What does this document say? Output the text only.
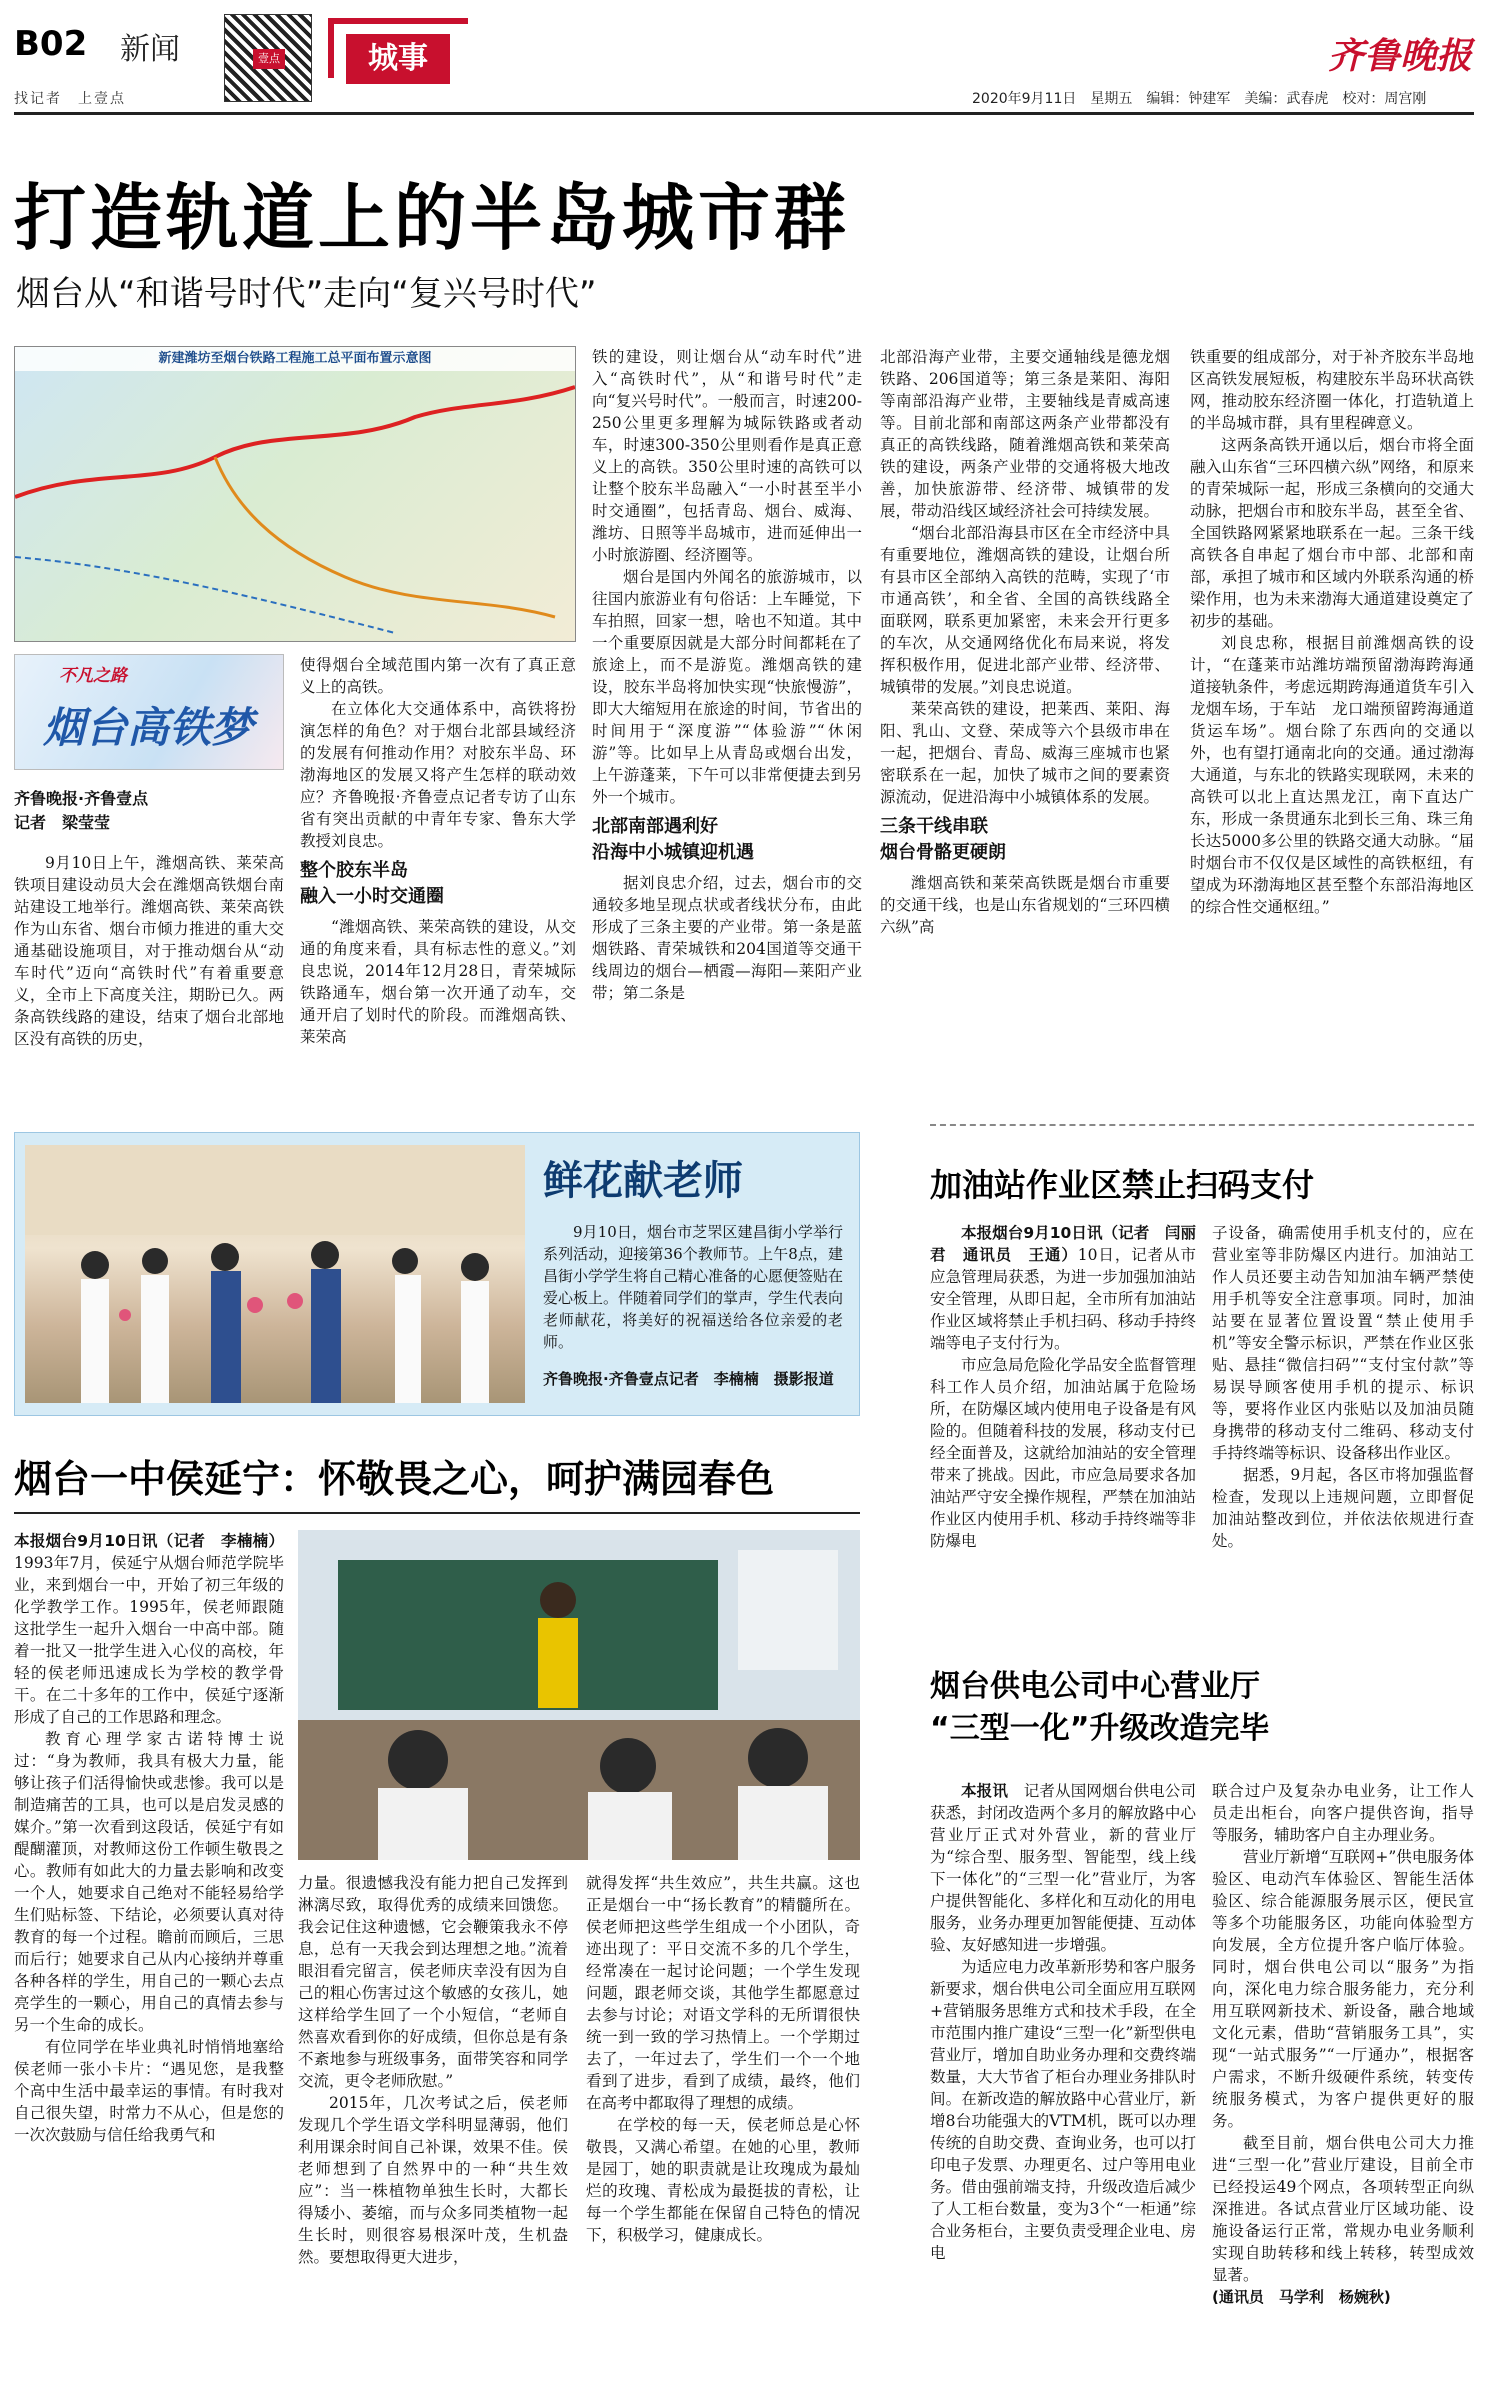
B02 新闻
找记者　上壹点
壹点	城事	齐鲁晚报
2020年9月11日　星期五　编辑：钟建军　美编：武春虎　校对：周宫刚
打造轨道上的半岛城市群
烟台从“和谐号时代”走向“复兴号时代”
新建潍坊至烟台铁路工程施工总平面布置示意图
不凡之路
烟台高铁梦
齐鲁晚报·齐鲁壹点
记者　梁莹莹
9月10日上午，潍烟高铁、莱荣高铁项目建设动员大会在潍烟高铁烟台南站建设工地举行。潍烟高铁、莱荣高铁作为山东省、烟台市倾力推进的重大交通基础设施项目，对于推动烟台从“动车时代”迈向“高铁时代”有着重要意义，全市上下高度关注，期盼已久。两条高铁线路的建设，结束了烟台北部地区没有高铁的历史，
使得烟台全域范围内第一次有了真正意义上的高铁。
在立体化大交通体系中，高铁将扮演怎样的角色？对于烟台北部县域经济的发展有何推动作用？对胶东半岛、环渤海地区的发展又将产生怎样的联动效应？齐鲁晚报·齐鲁壹点记者专访了山东省有突出贡献的中青年专家、鲁东大学教授刘良忠。
整个胶东半岛
融入一小时交通圈
“潍烟高铁、莱荣高铁的建设，从交通的角度来看，具有标志性的意义。”刘良忠说，2014年12月28日，青荣城际铁路通车，烟台第一次开通了动车，交通开启了划时代的阶段。而潍烟高铁、莱荣高
铁的建设，则让烟台从“动车时代”进入“高铁时代”，从“和谐号时代”走向“复兴号时代”。一般而言，时速200-250公里更多理解为城际铁路或者动车，时速300-350公里则看作是真正意义上的高铁。350公里时速的高铁可以让整个胶东半岛融入“一小时甚至半小时交通圈”，包括青岛、烟台、威海、潍坊、日照等半岛城市，进而延伸出一小时旅游圈、经济圈等。
烟台是国内外闻名的旅游城市，以往国内旅游业有句俗话：上车睡觉，下车拍照，回家一想，啥也不知道。其中一个重要原因就是大部分时间都耗在了旅途上，而不是游览。潍烟高铁的建设，胶东半岛将加快实现“快旅慢游”，即大大缩短用在旅途的时间，节省出的时间用于“深度游”“体验游”“休闲游”等。比如早上从青岛或烟台出发，上午游蓬莱，下午可以非常便捷去到另外一个城市。
北部南部遇利好
沿海中小城镇迎机遇
据刘良忠介绍，过去，烟台市的交通较多地呈现点状或者线状分布，由此形成了三条主要的产业带。第一条是蓝烟铁路、青荣城铁和204国道等交通干线周边的烟台—栖霞—海阳—莱阳产业带；第二条是
北部沿海产业带，主要交通轴线是德龙烟铁路、206国道等；第三条是莱阳、海阳等南部沿海产业带，主要轴线是青威高速等。目前北部和南部这两条产业带都没有真正的高铁线路，随着潍烟高铁和莱荣高铁的建设，两条产业带的交通将极大地改善，加快旅游带、经济带、城镇带的发展，带动沿线区域经济社会可持续发展。
“烟台北部沿海县市区在全市经济中具有重要地位，潍烟高铁的建设，让烟台所有县市区全部纳入高铁的范畴，实现了‘市市通高铁’，和全省、全国的高铁线路全　面联网，联系更加紧密，未来会开行更多的车次，从交通网络优化布局来说，将发挥积极作用，促进北部产业带、经济带、城镇带的发展。”刘良忠说道。
莱荣高铁的建设，把莱西、莱阳、海阳、乳山、文登、荣成等六个县级市串在一起，把烟台、青岛、威海三座城市也紧密联系在一起，加快了城市之间的要素资源流动，促进沿海中小城镇体系的发展。
三条干线串联
烟台骨骼更硬朗
潍烟高铁和莱荣高铁既是烟台市重要的交通干线，也是山东省规划的“三环四横六纵”高
铁重要的组成部分，对于补齐胶东半岛地区高铁发展短板，构建胶东半岛环状高铁网，推动胶东经济圈一体化，打造轨道上的半岛城市群，具有里程碑意义。
这两条高铁开通以后，烟台市将全面融入山东省“三环四横六纵”网络，和原来的青荣城际一起，形成三条横向的交通大动脉，把烟台市和胶东半岛，甚至全省、全国铁路网紧紧地联系在一起。三条干线高铁各自串起了烟台市中部、北部和南部，承担了城市和区域内外联系沟通的桥梁作用，也为未来渤海大通道建设奠定了初步的基础。
刘良忠称，根据目前潍烟高铁的设计，“在蓬莱市站潍坊端预留渤海跨海通道接轨条件，考虑远期跨海通道货车引入龙烟车场，于车站　龙口端预留跨海通道货运车场”。烟台除了东西向的交通以外，也有望打通南北向的交通。通过渤海大通道，与东北的铁路实现联网，未来的高铁可以北上直达黑龙江，南下直达广东，形成一条贯通东北到长三角、珠三角长达5000多公里的铁路交通大动脉。“届时烟台市不仅仅是区域性的高铁枢纽，有望成为环渤海地区甚至整个东部沿海地区的综合性交通枢纽。”
鲜花献老师
9月10日，烟台市芝罘区建昌街小学举行系列活动，迎接第36个教师节。上午8点，建昌街小学学生将自己精心准备的心愿便签贴在爱心板上。伴随着同学们的掌声，学生代表向老师献花，将美好的祝福送给各位亲爱的老师。
齐鲁晚报·齐鲁壹点记者　李楠楠　摄影报道
烟台一中侯延宁：怀敬畏之心，呵护满园春色
本报烟台9月10日讯（记者　李楠楠）1993年7月，侯延宁从烟台师范学院毕业，来到烟台一中，开始了初三年级的化学教学工作。1995年，侯老师跟随这批学生一起升入烟台一中高中部。随着一批又一批学生进入心仪的高校，年轻的侯老师迅速成长为学校的教学骨干。在二十多年的工作中，侯延宁逐渐形成了自己的工作思路和理念。
教育心理学家古诺特博士说过：“身为教师，我具有极大力量，能够让孩子们活得愉快或悲惨。我可以是制造痛苦的工具，也可以是启发灵感的媒介。”第一次看到这段话，侯延宁有如醍醐灌顶，对教师这份工作顿生敬畏之心。教师有如此大的力量去影响和改变一个人，她要求自己绝对不能轻易给学生们贴标签、下结论，必须要认真对待教育的每一个过程。瞻前而顾后，三思而后行；她要求自己从内心接纳并尊重各种各样的学生，用自己的一颗心去点亮学生的一颗心，用自己的真情去参与另一个生命的成长。
有位同学在毕业典礼时悄悄地塞给侯老师一张小卡片：“遇见您，是我整个高中生活中最幸运的事情。有时我对自己很失望，时常力不从心，但是您的一次次鼓励与信任给我勇气和
力量。很遗憾我没有能力把自己发挥到淋漓尽致，取得优秀的成绩来回馈您。我会记住这种遗憾，它会鞭策我永不停息，总有一天我会到达理想之地。”流着眼泪看完留言，侯老师庆幸没有因为自己的粗心伤害过这个敏感的女孩儿，她这样给学生回了一个小短信，“老师自然喜欢看到你的好成绩，但你总是有条不紊地参与班级事务，面带笑容和同学交流，更令老师欣慰。”
2015年，几次考试之后，侯老师发现几个学生语文学科明显薄弱，他们利用课余时间自己补课，效果不佳。侯老师想到了自然界中的一种“共生效应”：当一株植物单独生长时，大都长得矮小、萎缩，而与众多同类植物一起生长时，则很容易根深叶茂，生机盎然。要想取得更大进步，
就得发挥“共生效应”，共生共赢。这也正是烟台一中“扬长教育”的精髓所在。侯老师把这些学生组成一个小团队，奇迹出现了：平日交流不多的几个学生，经常凑在一起讨论问题；一个学生发现问题，跟老师交谈，其他学生都愿意过去参与讨论；对语文学科的无所谓很快统一到一致的学习热情上。一个学期过去了，一年过去了，学生们一个一个地看到了进步，看到了成绩，最终，他们在高考中都取得了理想的成绩。
在学校的每一天，侯老师总是心怀敬畏，又满心希望。在她的心里，教师是园丁，她的职责就是让玫瑰成为最灿烂的玫瑰、青松成为最挺拔的青松，让每一个学生都能在保留自己特色的情况下，积极学习，健康成长。
加油站作业区禁止扫码支付
本报烟台9月10日讯（记者　闫丽君　通讯员　王通）10日，记者从市应急管理局获悉，为进一步加强加油站安全管理，从即日起，全市所有加油站作业区域将禁止手机扫码、移动手持终端等电子支付行为。
市应急局危险化学品安全监督管理科工作人员介绍，加油站属于危险场所，在防爆区域内使用电子设备是有风险的。但随着科技的发展，移动支付已经全面普及，这就给加油站的安全管理带来了挑战。因此，市应急局要求各加油站严守安全操作规程，严禁在加油站作业区内使用手机、移动手持终端等非防爆电
子设备，确需使用手机支付的，应在营业室等非防爆区内进行。加油站工作人员还要主动告知加油车辆严禁使用手机等安全注意事项。同时，加油站要在显著位置设置“禁止使用手机”等安全警示标识，严禁在作业区张贴、悬挂“微信扫码”“支付宝付款”等易误导顾客使用手机的提示、标识等，要将作业区内张贴以及加油员随身携带的移动支付二维码、移动支付手持终端等标识、设备移出作业区。
据悉，9月起，各区市将加强监督检查，发现以上违规问题，立即督促加油站整改到位，并依法依规进行查处。
烟台供电公司中心营业厅
“三型一化”升级改造完毕
本报讯　 记者从国网烟台供电公司获悉，封闭改造两个多月的解放路中心营业厅正式对外营业，新的营业厅为“综合型、服务型、智能型，线上线下一体化”的“三型一化”营业厅，为客户提供智能化、多样化和互动化的用电服务，业务办理更加智能便捷、互动体验、友好感知进一步增强。
为适应电力改革新形势和客户服务新要求，烟台供电公司全面应用互联网+营销服务思维方式和技术手段，在全市范围内推广建设“三型一化”新型供电营业厅，增加自助业务办理和交费终端数量，大大节省了柜台办理业务排队时间。在新改造的解放路中心营业厅，新增8台功能强大的VTM机，既可以办理传统的自助交费、查询业务，也可以打印电子发票、办理更名、过户等用电业务。借由强前端支持，升级改造后减少了人工柜台数量，变为3个“一柜通”综合业务柜台，主要负责受理企业电、房电
联合过户及复杂办电业务，让工作人员走出柜台，向客户提供咨询，指导等服务，辅助客户自主办理业务。
营业厅新增“互联网+”供电服务体验区、电动汽车体验区、智能生活体验区、综合能源服务展示区，便民宣等多个功能服务区，功能向体验型方向发展，全方位提升客户临厅体验。同时，烟台供电公司以“服务”为指向，深化电力综合服务能力，充分利用互联网新技术、新设备，融合地域文化元素，借助“营销服务工具”，实现“一站式服务”“一厅通办”，根据客户需求，不断升级硬件系统，转变传统服务模式，为客户提供更好的服务。
截至目前，烟台供电公司大力推进“三型一化”营业厅建设，目前全市已经投运49个网点，各项转型正向纵深推进。各试点营业厅区域功能、设施设备运行正常，常规办电业务顺利实现自助转移和线上转移，转型成效显著。
(通讯员　马学利　杨婉秋)
